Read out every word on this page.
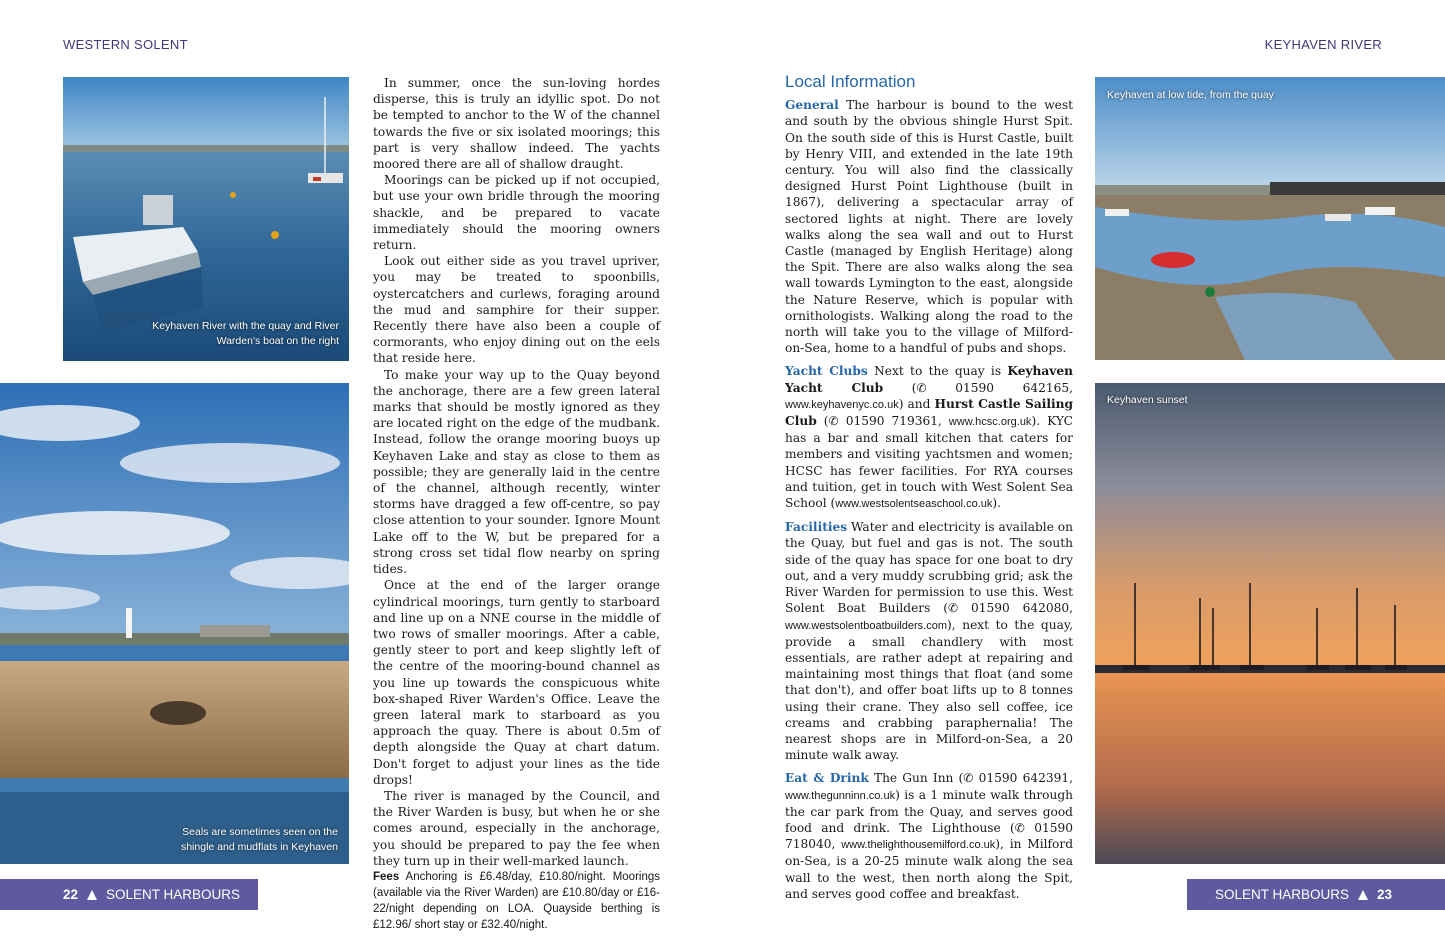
WESTERN SOLENT	KEYHAVEN RIVER
Keyhaven River with the quay and River
Warden's boat on the right
Seals are sometimes seen on the
shingle and mudflats in Keyhaven

In summer, once the sun-loving hordes disperse, this is truly an idyllic spot. Do not be tempted to anchor to the W of the channel towards the five or six isolated moorings; this part is very shallow indeed. The yachts moored there are all of shallow draught.

Moorings can be picked up if not occupied, but use your own bridle through the mooring shackle, and be prepared to vacate immediately should the mooring owners return.

Look out either side as you travel upriver, you may be treated to spoonbills, oystercatchers and curlews, foraging around the mud and samphire for their supper. Recently there have also been a couple of cormorants, who enjoy dining out on the eels that reside here.

To make your way up to the Quay beyond the anchorage, there are a few green lateral marks that should be mostly ignored as they are located right on the edge of the mudbank. Instead, follow the orange mooring buoys up Keyhaven Lake and stay as close to them as possible; they are generally laid in the centre of the channel, although recently, winter storms have dragged a few off-centre, so pay close attention to your sounder. Ignore Mount Lake off to the W, but be prepared for a strong cross set tidal flow nearby on spring tides.

Once at the end of the larger orange cylindrical moorings, turn gently to starboard and line up on a NNE course in the middle of two rows of smaller moorings. After a cable, gently steer to port and keep slightly left of the centre of the mooring-bound channel as you line up towards the conspicuous white box-shaped River Warden's Office. Leave the green lateral mark to starboard as you approach the quay. There is about 0.5m of depth alongside the Quay at chart datum. Don't forget to adjust your lines as the tide drops!

The river is managed by the Council, and the River Warden is busy, but when he or she comes around, especially in the anchorage, you should be prepared to pay the fee when they turn up in their well-marked launch.

Fees Anchoring is £6.48/day, £10.80/night. Moorings (available via the River Warden) are £10.80/day or £16-22/night depending on LOA. Quayside berthing is £12.96/ short stay or £32.40/night.

Local Information

General The harbour is bound to the west and south by the obvious shingle Hurst Spit. On the south side of this is Hurst Castle, built by Henry VIII, and extended in the late 19th century. You will also find the classically designed Hurst Point Lighthouse (built in 1867), delivering a spectacular array of sectored lights at night. There are lovely walks along the sea wall and out to Hurst Castle (managed by English Heritage) along the Spit. There are also walks along the sea wall towards Lymington to the east, alongside the Nature Reserve, which is popular with ornithologists. Walking along the road to the north will take you to the village of Milford-on-Sea, home to a handful of pubs and shops.

Yacht Clubs Next to the quay is Keyhaven Yacht Club (✆ 01590 642165, www.keyhavenyc.co.uk) and Hurst Castle Sailing Club (✆ 01590 719361, www.hcsc.org.uk). KYC has a bar and small kitchen that caters for members and visiting yachtsmen and women; HCSC has fewer facilities. For RYA courses and tuition, get in touch with West Solent Sea School (www.westsolentseaschool.co.uk).

Facilities Water and electricity is available on the Quay, but fuel and gas is not. The south side of the quay has space for one boat to dry out, and a very muddy scrubbing grid; ask the River Warden for permission to use this. West Solent Boat Builders (✆ 01590 642080, www.westsolentboatbuilders.com), next to the quay, provide a small chandlery with most essentials, are rather adept at repairing and maintaining most things that float (and some that don't), and offer boat lifts up to 8 tonnes using their crane. They also sell coffee, ice creams and crabbing paraphernalia! The nearest shops are in Milford-on-Sea, a 20 minute walk away.

Eat & Drink The Gun Inn (✆ 01590 642391, www.thegunninn.co.uk) is a 1 minute walk through the car park from the Quay, and serves good food and drink. The Lighthouse (✆ 01590 718040, www.thelighthousemilford.co.uk), in Milford on-Sea, is a 20-25 minute walk along the sea wall to the west, then north along the Spit, and serves good coffee and breakfast.

Keyhaven at low tide, from the quay
Keyhaven sunset
22 SOLENT HARBOURS	SOLENT HARBOURS 23
